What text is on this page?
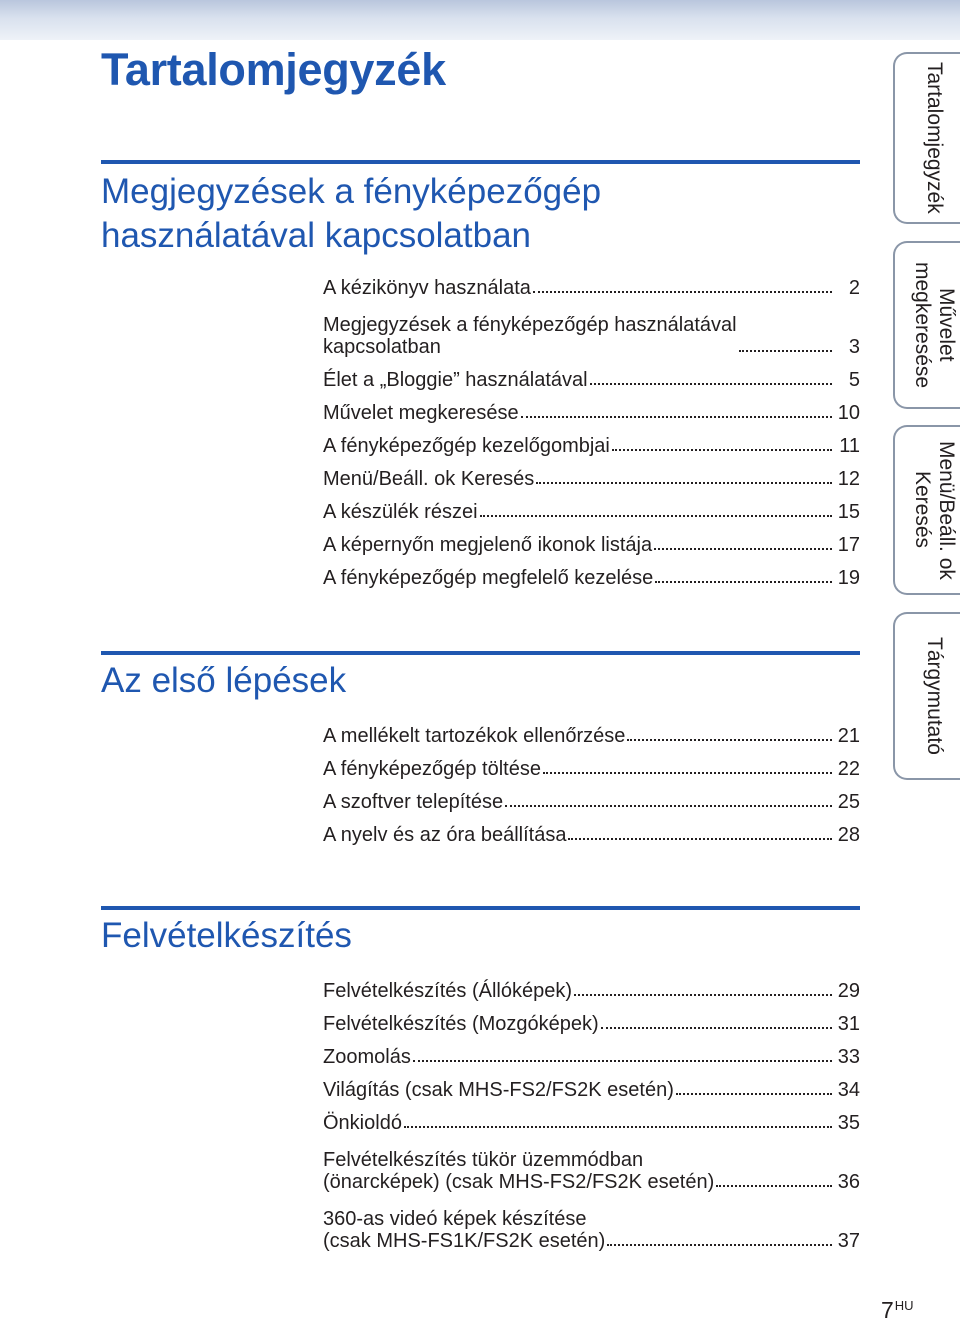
Tartalomjegyzék
Megjegyzések a fényképezőgép
használatával kapcsolatban
A kézikönyv használata	2
Megjegyzések a fényképezőgép használatával
kapcsolatban	3
Élet a „Bloggie” használatával	5
Művelet megkeresése	10
A fényképezőgép kezelőgombjai	11
Menü/Beáll. ok Keresés	12
A készülék részei	15
A képernyőn megjelenő ikonok listája	17
A fényképezőgép megfelelő kezelése	19
Az első lépések
A mellékelt tartozékok ellenőrzése	21
A fényképezőgép töltése	22
A szoftver telepítése	25
A nyelv és az óra beállítása	28
Felvételkészítés
Felvételkészítés (Állóképek)	29
Felvételkészítés (Mozgóképek)	31
Zoomolás	33
Világítás (csak MHS-FS2/FS2K esetén)	34
Önkioldó	35
Felvételkészítés tükör üzemmódban
(önarcképek) (csak MHS-FS2/FS2K esetén)	36
360-as videó képek készítése
(csak MHS-FS1K/FS2K esetén)	37
Tartalomjegyzék
Művelet
megkeresése
Menü/Beáll. ok
Keresés
Tárgymutató
$7^{HU}$
